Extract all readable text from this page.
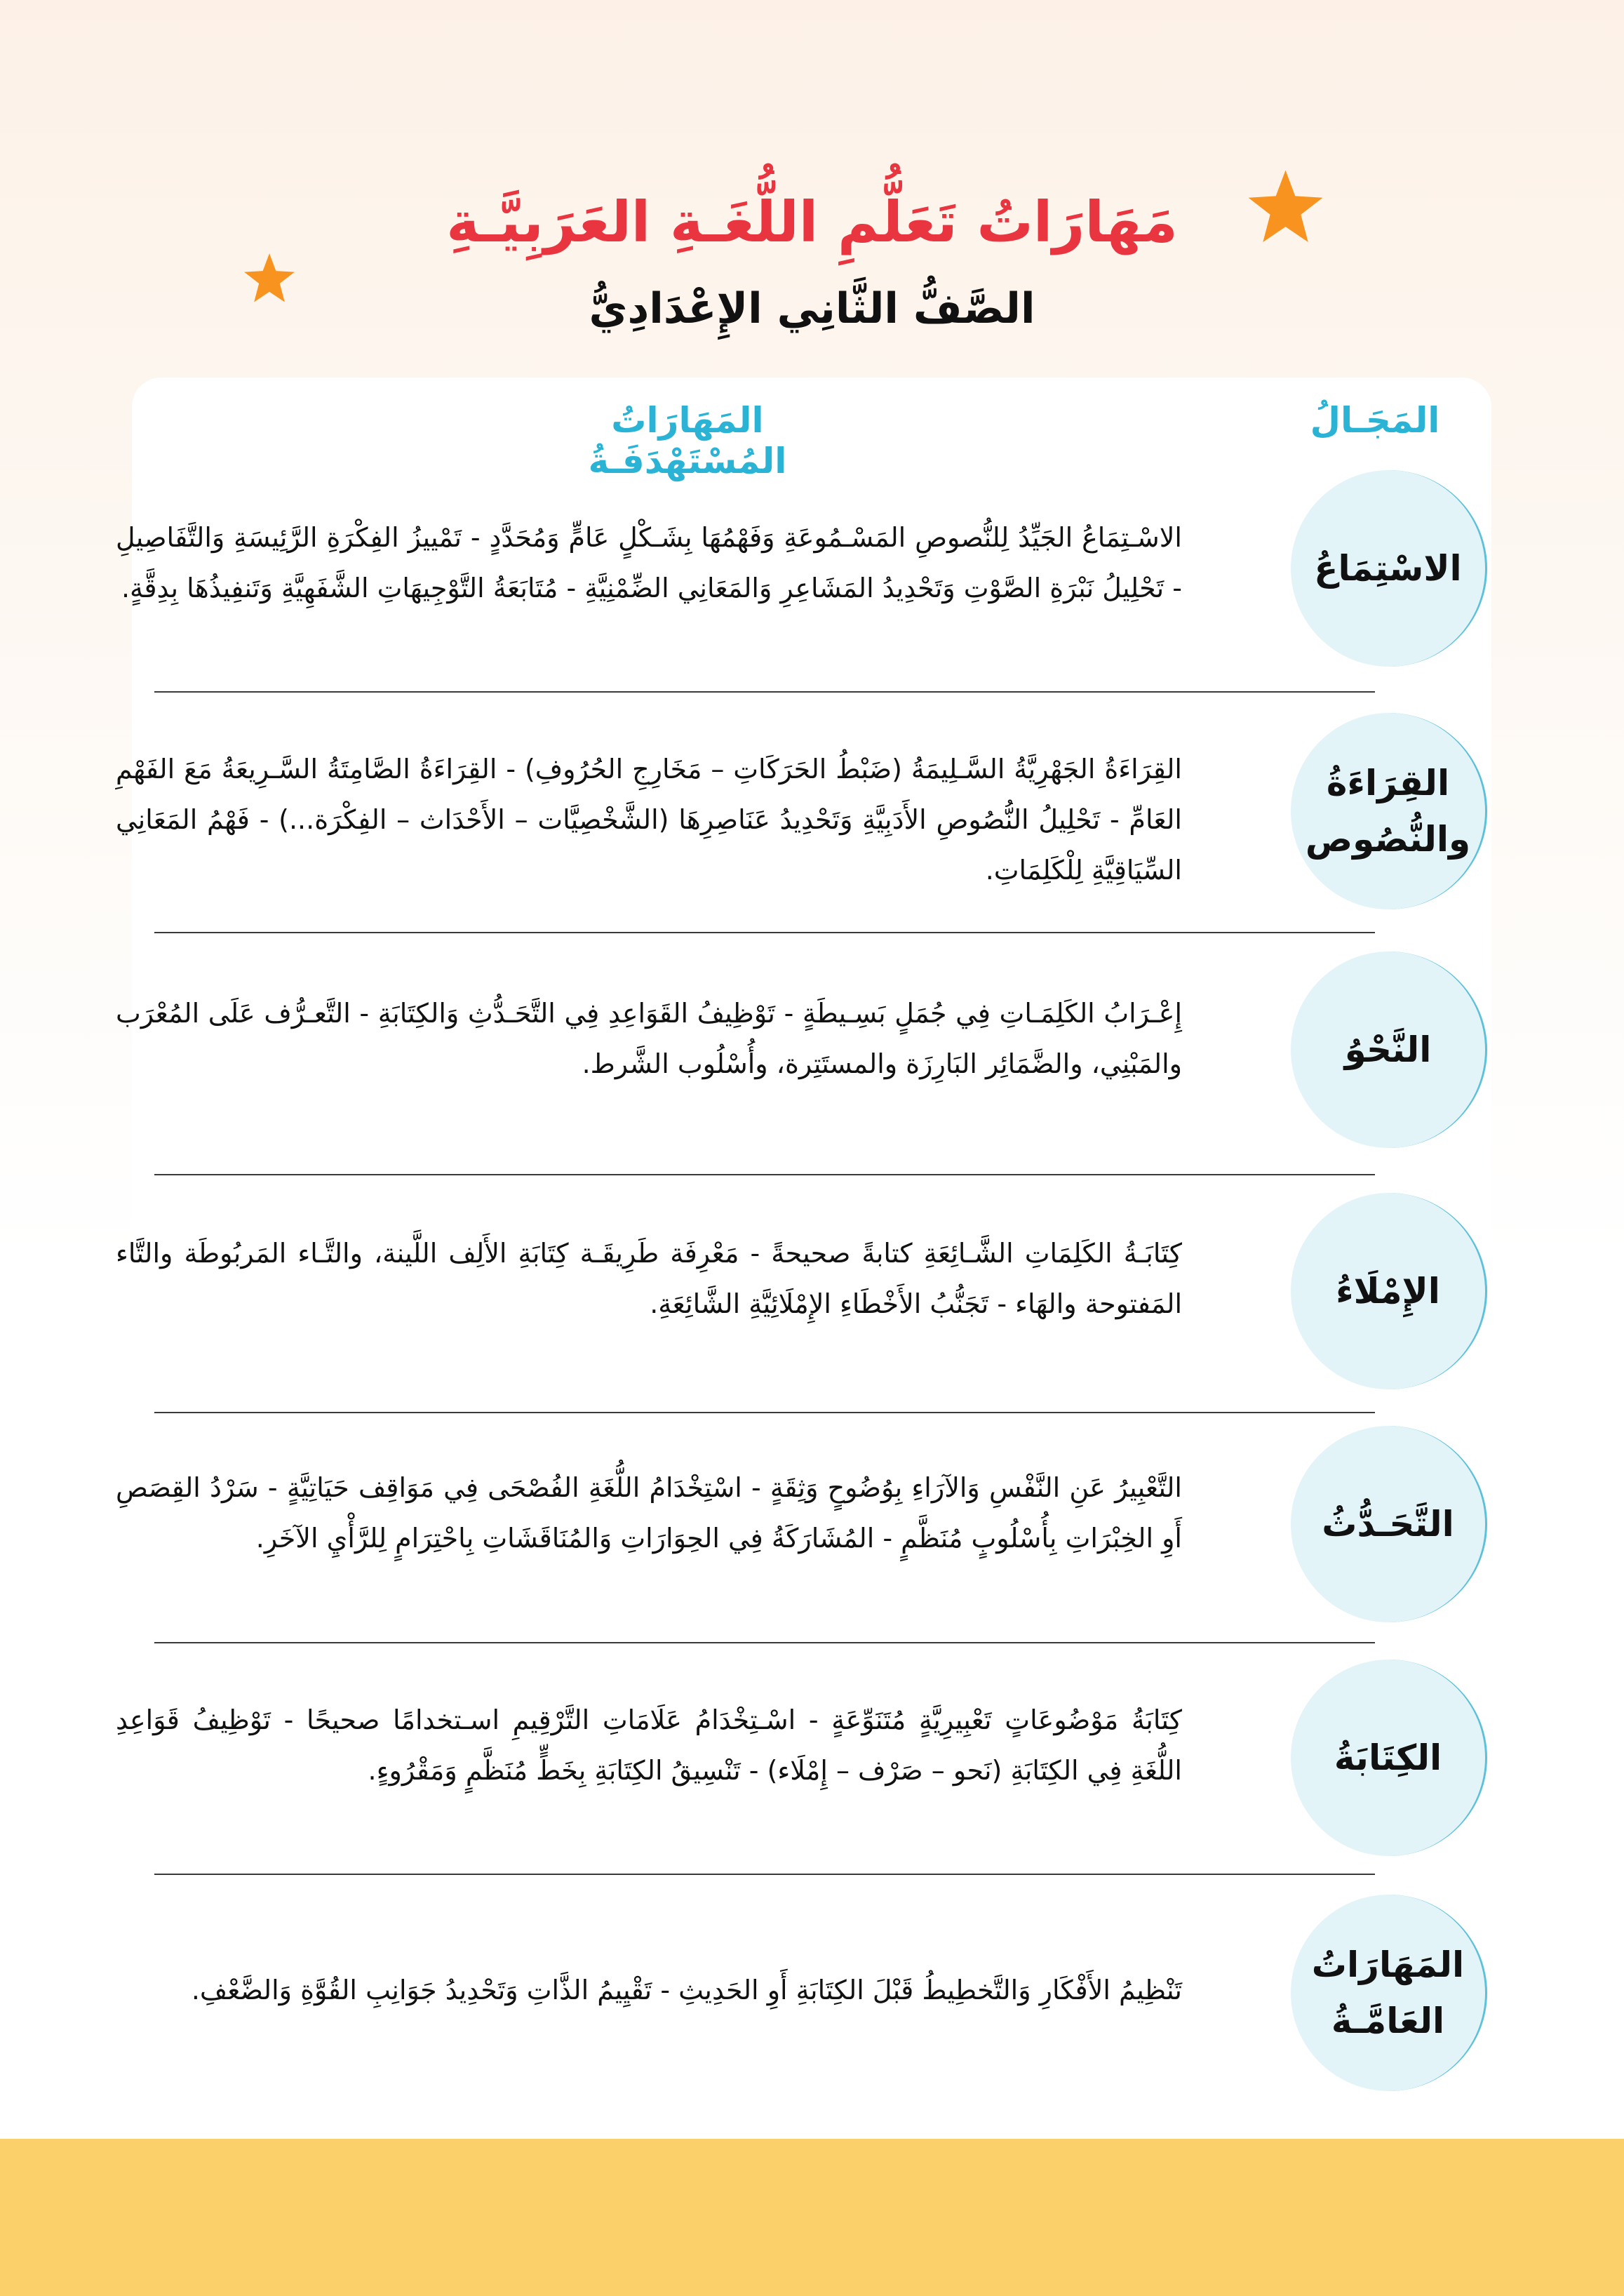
مَهَارَاتُ تَعَلُّمِ اللُّغَـةِ العَرَبِيَّـةِ
الصَّفُّ الثَّانِي الإِعْدَادِيُّ
المَجَـالُ
المَهَارَاتُ المُسْتَهْدَفَـةُ
الاسْتِمَاعُ

الاسْـتِمَاعُ الجَيِّدُ لِلنُّصوصِ المَسْـمُوعَةِ وَفَهْمُهَا بِشَـكْلٍ عَامٍّ وَمُحَدَّدٍ - تَمْييزُ الفِكْرَةِ الرَّئِيسَةِ وَالتَّفَاصِيلِ - تَحْلِيلُ نَبْرَةِ الصَّوْتِ وَتَحْدِيدُ المَشَاعِرِ وَالمَعَانِي الضِّمْنِيَّةِ - مُتَابَعَةُ التَّوْجِيهَاتِ الشَّفَهِيَّةِ وَتَنفِيذُهَا بِدِقَّةٍ.

القِرَاءَةُ والنُّصُوص

القِرَاءَةُ الجَهْرِيَّةُ السَّـلِيمَةُ (ضَبْطُ الحَرَكَاتِ – مَخَارِجِ الحُرُوفِ) - القِرَاءَةُ الصَّامِتَةُ السَّـرِيعَةُ مَعَ الفَهْمِ العَامِّ - تَحْلِيلُ النُّصُوصِ الأَدَبِيَّةِ وَتَحْدِيدُ عَنَاصِرِهَا (الشَّخْصِيَّات – الأَحْدَاث – الفِكْرَة...) - فَهْمُ المَعَانِي السِّيَاقِيَّةِ لِلْكَلِمَاتِ.

النَّحْوُ

إِعْـرَابُ الكَلِمَـاتِ فِي جُمَلٍ بَسِـيطَةٍ - تَوْظِيفُ القَوَاعِدِ فِي التَّحَـدُّثِ وَالكِتَابَةِ - التَّعـرُّف عَلَى المُعْرَب والمَبْنِي، والضَّمَائِر البَارِزَة والمستَتِرة، وأُسْلُوب الشَّرط.

الإِمْلَاءُ

كِتَابَـةُ الكَلِمَاتِ الشَّـائِعَةِ كتابةً صحيحةً - مَعْرِفَة طَرِيقَـة كِتَابَةِ الأَلِف اللَّينة، والتَّـاء المَربُوطَة والتَّاء المَفتوحة والهَاء - تَجَنُّبُ الأَخْطَاءِ الإِمْلَائِيَّةِ الشَّائِعَةِ.

التَّحَـدُّثُ

التَّعْبِيرُ عَنِ النَّفْسِ وَالآرَاءِ بِوُضُوحٍ وَثِقَةٍ - اسْتِخْدَامُ اللُّغَةِ الفُصْحَى فِي مَوَاقِف حَيَاتِيَّةٍ - سَرْدُ القِصَصِ أَوِ الخِبْرَاتِ بِأُسْلُوبٍ مُنَظَّمٍ - المُشَارَكَةُ فِي الحِوَارَاتِ وَالمُنَاقَشَاتِ بِاحْتِرَامٍ لِلرَّأْيِ الآخَرِ.

الكِتَابَةُ

كِتَابَةُ مَوْضُوعَاتٍ تَعْبِيرِيَّةٍ مُتَنَوِّعَةٍ - اسْـتِخْدَامُ عَلَامَاتِ التَّرْقِيمِ اسـتخدامًا صحيحًا - تَوْظِيفُ قَوَاعِدِ اللُّغَةِ فِي الكِتَابَةِ (نَحو – صَرْف – إِمْلَاء) - تَنْسِيقُ الكِتَابَةِ بِخَطٍّ مُنَظَّمٍ وَمَقْرُوءٍ.

المَهَارَاتُ العَامَّـةُ

تَنْظِيمُ الأَفْكَارِ وَالتَّخطِيطُ قَبْلَ الكِتَابَةِ أَوِ الحَدِيثِ - تَقْيِيمُ الذَّاتِ وَتَحْدِيدُ جَوَانِبِ القُوَّةِ وَالضَّعْفِ.
